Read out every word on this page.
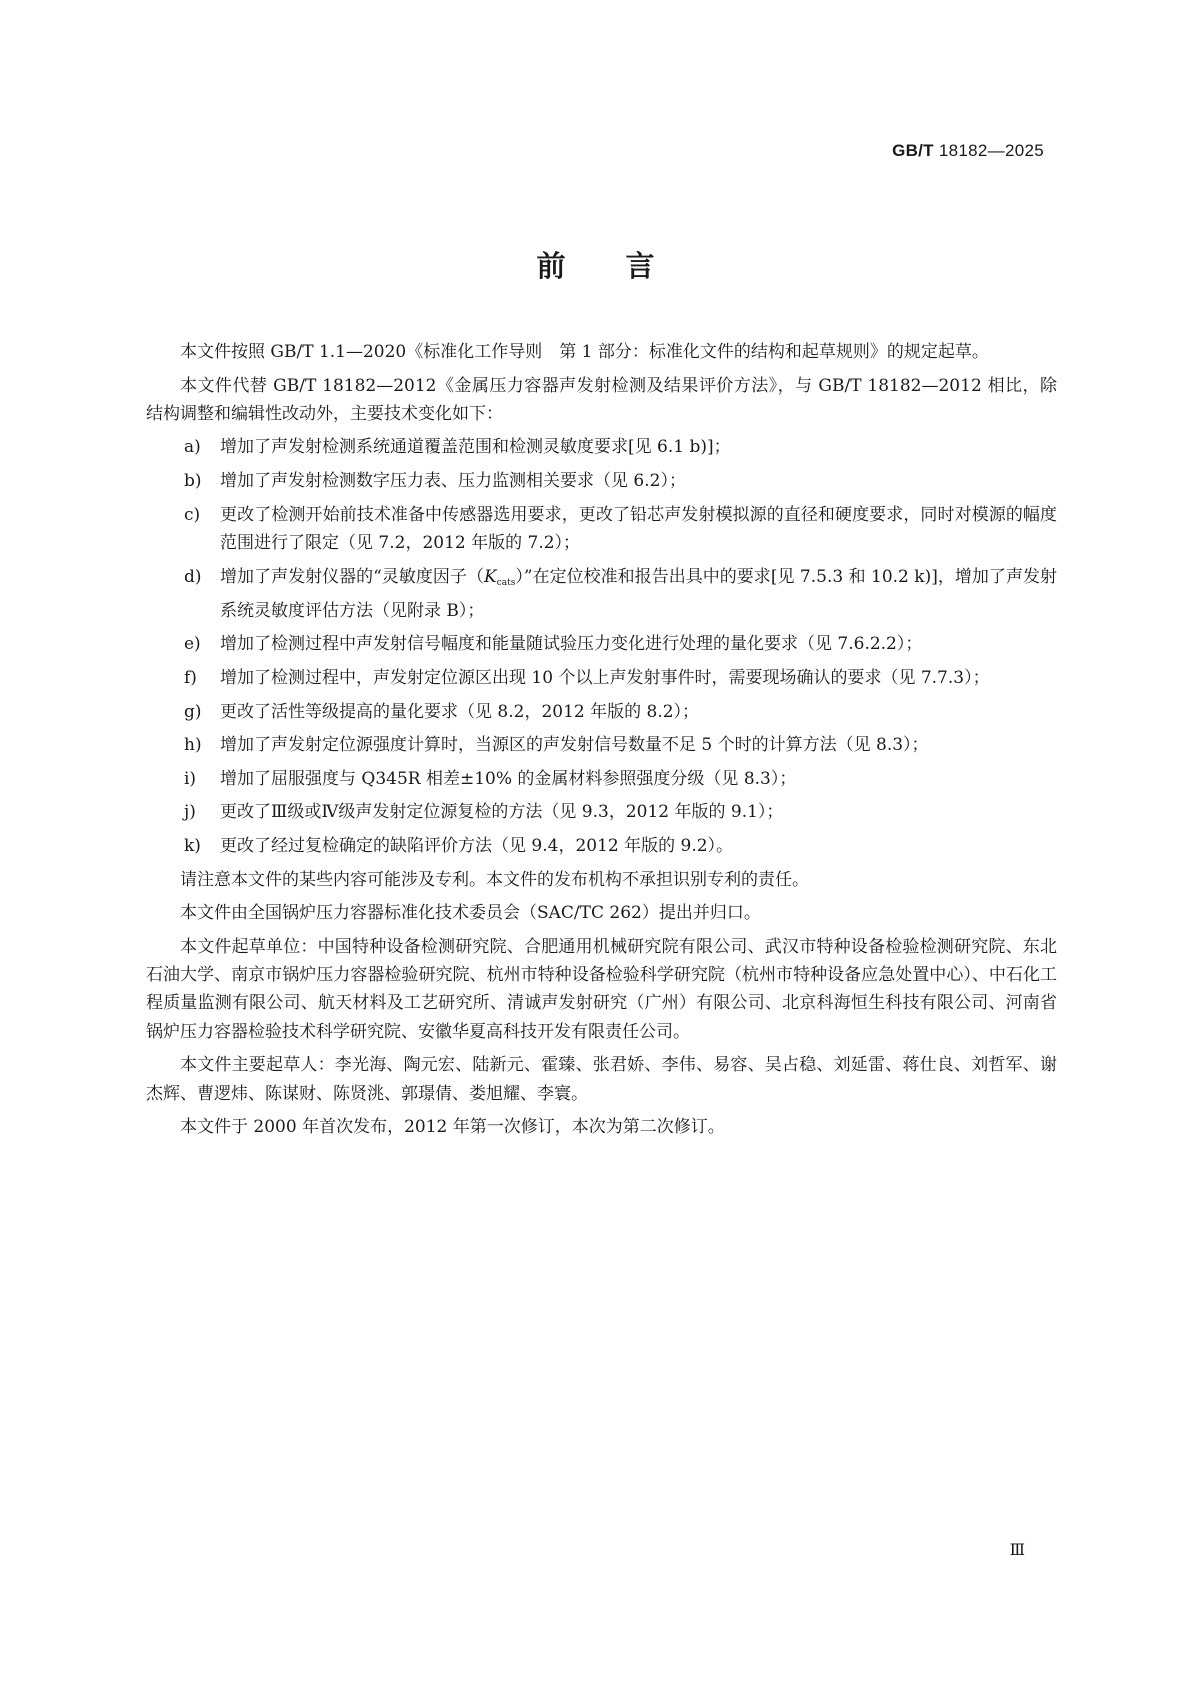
GB/T 18182—2025
前言

本文件按照 GB/T 1.1—2020《标准化工作导则　第 1 部分：标准化文件的结构和起草规则》的规定起草。

本文件代替 GB/T 18182—2012《金属压力容器声发射检测及结果评价方法》，与 GB/T 18182—2012 相比，除结构调整和编辑性改动外，主要技术变化如下：

a) 增加了声发射检测系统通道覆盖范围和检测灵敏度要求[见 6.1 b)]；
b) 增加了声发射检测数字压力表、压力监测相关要求（见 6.2）；
c) 更改了检测开始前技术准备中传感器选用要求，更改了铅芯声发射模拟源的直径和硬度要求，同时对模源的幅度范围进行了限定（见 7.2，2012 年版的 7.2）；
d) 增加了声发射仪器的“灵敏度因子$(K_{cats})$”在定位校准和报告出具中的要求[见 7.5.3 和 10.2 k)]，增加了声发射系统灵敏度评估方法（见附录 B）；
e) 增加了检测过程中声发射信号幅度和能量随试验压力变化进行处理的量化要求（见 7.6.2.2）；
f) 增加了检测过程中，声发射定位源区出现 10 个以上声发射事件时，需要现场确认的要求（见 7.7.3）；
g) 更改了活性等级提高的量化要求（见 8.2，2012 年版的 8.2）；
h) 增加了声发射定位源强度计算时，当源区的声发射信号数量不足 5 个时的计算方法（见 8.3）；
i) 增加了屈服强度与 Q345R 相差±10% 的金属材料参照强度分级（见 8.3）；
j) 更改了Ⅲ级或Ⅳ级声发射定位源复检的方法（见 9.3，2012 年版的 9.1）；
k) 更改了经过复检确定的缺陷评价方法（见 9.4，2012 年版的 9.2）。

请注意本文件的某些内容可能涉及专利。本文件的发布机构不承担识别专利的责任。

本文件由全国锅炉压力容器标准化技术委员会（SAC/TC 262）提出并归口。

本文件起草单位：中国特种设备检测研究院、合肥通用机械研究院有限公司、武汉市特种设备检验检测研究院、东北石油大学、南京市锅炉压力容器检验研究院、杭州市特种设备检验科学研究院（杭州市特种设备应急处置中心）、中石化工程质量监测有限公司、航天材料及工艺研究所、清诚声发射研究（广州）有限公司、北京科海恒生科技有限公司、河南省锅炉压力容器检验技术科学研究院、安徽华夏高科技开发有限责任公司。

本文件主要起草人：李光海、陶元宏、陆新元、霍臻、张君娇、李伟、易容、吴占稳、刘延雷、蒋仕良、刘哲军、谢杰辉、曹逻炜、陈谋财、陈贤洮、郭璟倩、娄旭耀、李寰。

本文件于 2000 年首次发布，2012 年第一次修订，本次为第二次修订。

Ⅲ
